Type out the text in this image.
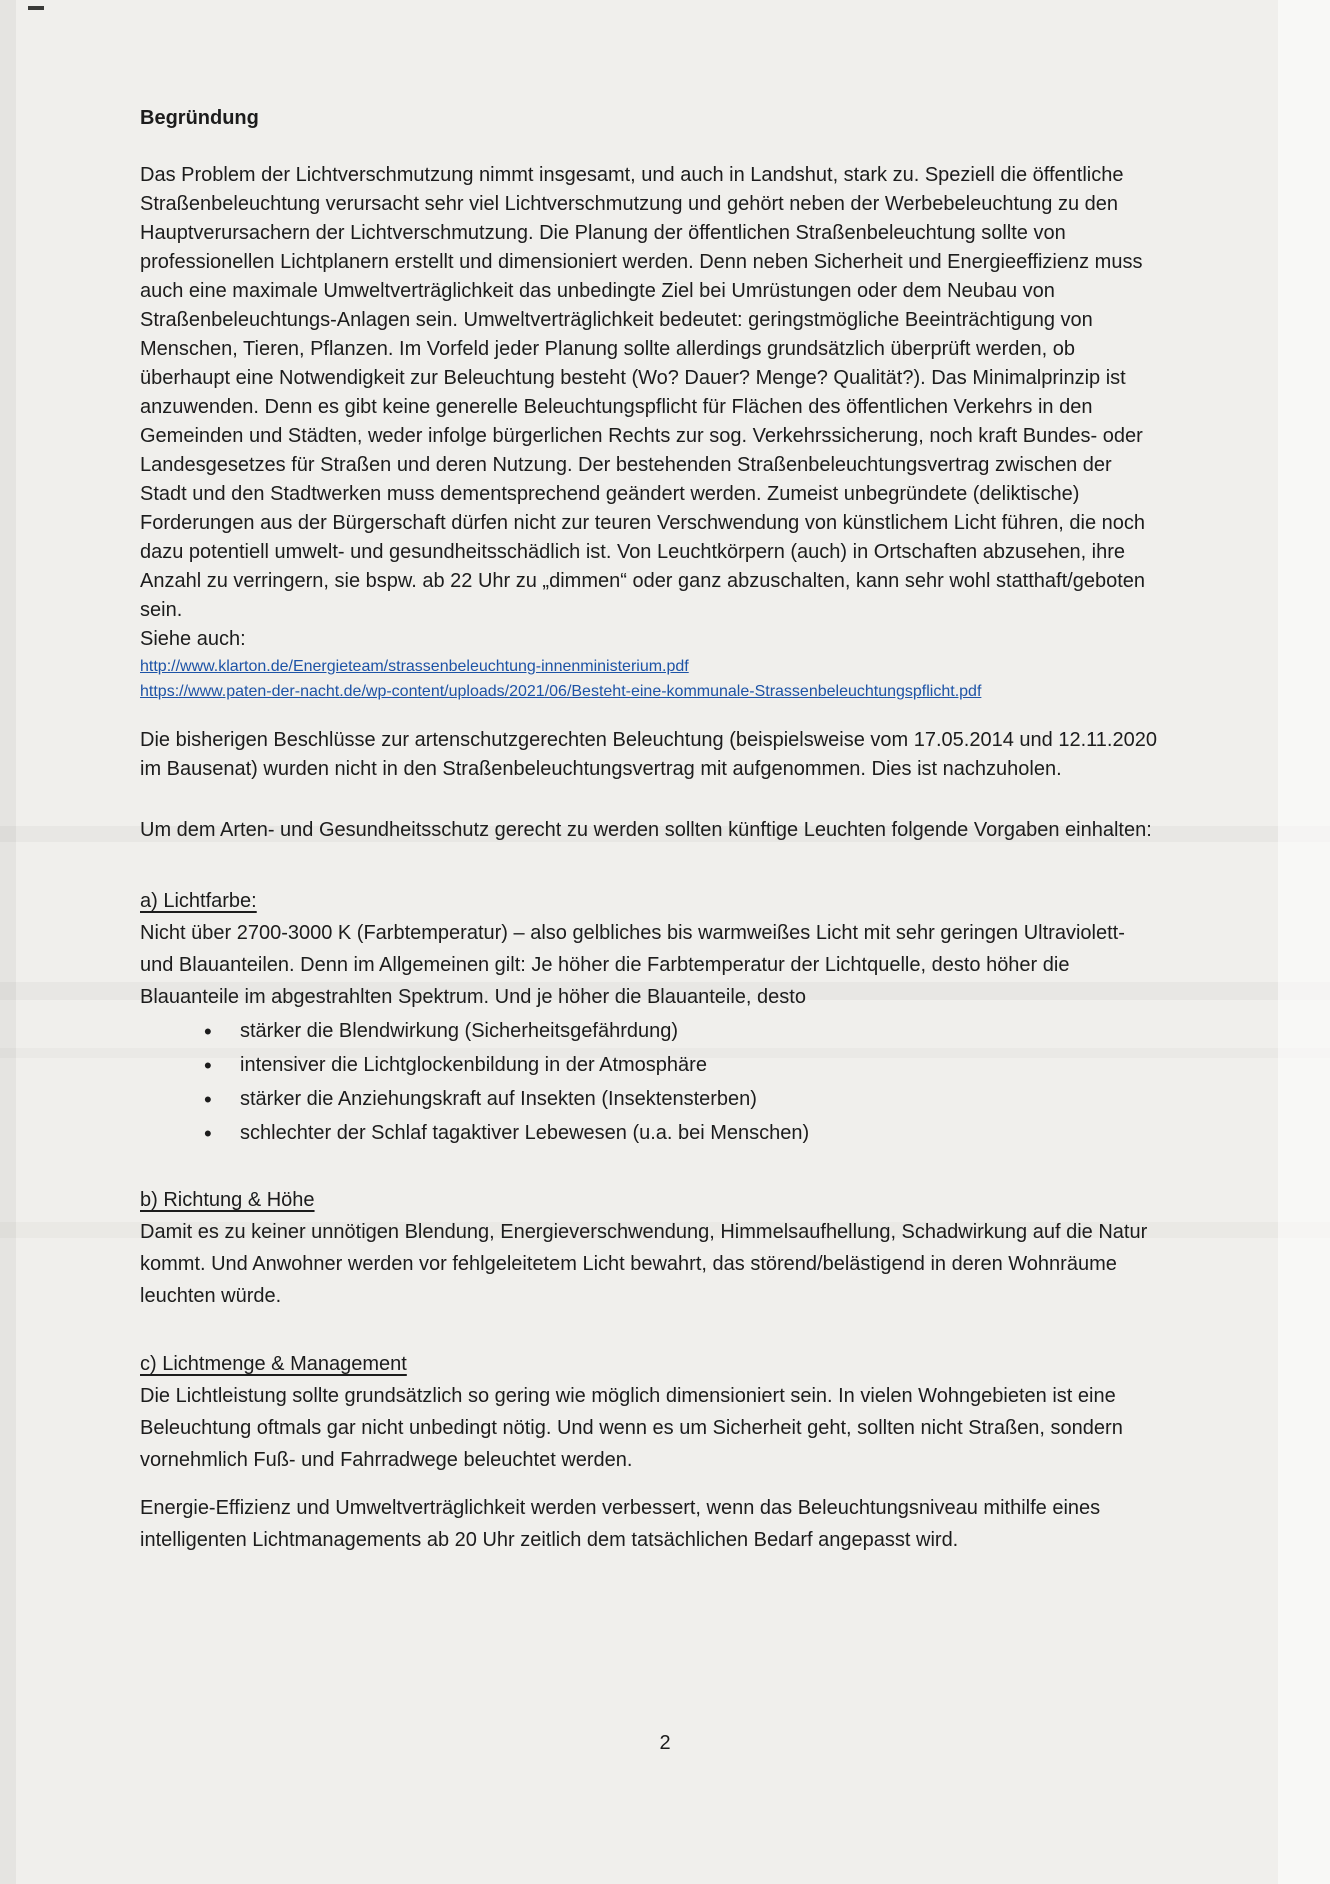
Begründung

Das Problem der Lichtverschmutzung nimmt insgesamt, und auch in Landshut, stark zu. Speziell die öffentliche Straßenbeleuchtung verursacht sehr viel Lichtverschmutzung und gehört neben der Werbebeleuchtung zu den Hauptverursachern der Lichtverschmutzung. Die Planung der öffentlichen Straßenbeleuchtung sollte von professionellen Lichtplanern erstellt und dimensioniert werden. Denn neben Sicherheit und Energieeffizienz muss auch eine maximale Umweltverträglichkeit das unbedingte Ziel bei Umrüstungen oder dem Neubau von Straßenbeleuchtungs-Anlagen sein. Umweltverträglichkeit bedeutet: geringstmögliche Beeinträchtigung von Menschen, Tieren, Pflanzen. Im Vorfeld jeder Planung sollte allerdings grundsätzlich überprüft werden, ob überhaupt eine Notwendigkeit zur Beleuchtung besteht (Wo? Dauer? Menge? Qualität?). Das Minimalprinzip ist anzuwenden. Denn es gibt keine generelle Beleuchtungspflicht für Flächen des öffentlichen Verkehrs in den Gemeinden und Städten, weder infolge bürgerlichen Rechts zur sog. Verkehrssicherung, noch kraft Bundes- oder Landesgesetzes für Straßen und deren Nutzung. Der bestehenden Straßenbeleuchtungsvertrag zwischen der Stadt und den Stadtwerken muss dementsprechend geändert werden. Zumeist unbegründete (deliktische) Forderungen aus der Bürgerschaft dürfen nicht zur teuren Verschwendung von künstlichem Licht führen, die noch dazu potentiell umwelt- und gesundheitsschädlich ist. Von Leuchtkörpern (auch) in Ortschaften abzusehen, ihre Anzahl zu verringern, sie bspw. ab 22 Uhr zu „dimmen“ oder ganz abzuschalten, kann sehr wohl statthaft/geboten sein.

Siehe auch:

http://www.klarton.de/Energieteam/strassenbeleuchtung-innenministerium.pdf
https://www.paten-der-nacht.de/wp-content/uploads/2021/06/Besteht-eine-kommunale-Strassenbeleuchtungspflicht.pdf

Die bisherigen Beschlüsse zur artenschutzgerechten Beleuchtung (beispielsweise vom 17.05.2014 und 12.11.2020 im Bausenat) wurden nicht in den Straßenbeleuchtungsvertrag mit aufgenommen. Dies ist nachzuholen.

Um dem Arten- und Gesundheitsschutz gerecht zu werden sollten künftige Leuchten folgende Vorgaben einhalten:

a) Lichtfarbe:

Nicht über 2700-3000 K (Farbtemperatur) – also gelbliches bis warmweißes Licht mit sehr geringen Ultraviolett- und Blauanteilen. Denn im Allgemeinen gilt: Je höher die Farbtemperatur der Lichtquelle, desto höher die Blauanteile im abgestrahlten Spektrum. Und je höher die Blauanteile, desto

• stärker die Blendwirkung (Sicherheitsgefährdung)
• intensiver die Lichtglockenbildung in der Atmosphäre
• stärker die Anziehungskraft auf Insekten (Insektensterben)
• schlechter der Schlaf tagaktiver Lebewesen (u.a. bei Menschen)

b) Richtung & Höhe

Damit es zu keiner unnötigen Blendung, Energieverschwendung, Himmelsaufhellung, Schadwirkung auf die Natur kommt. Und Anwohner werden vor fehlgeleitetem Licht bewahrt, das störend/belästigend in deren Wohnräume leuchten würde.

c) Lichtmenge & Management

Die Lichtleistung sollte grundsätzlich so gering wie möglich dimensioniert sein. In vielen Wohngebieten ist eine Beleuchtung oftmals gar nicht unbedingt nötig. Und wenn es um Sicherheit geht, sollten nicht Straßen, sondern vornehmlich Fuß- und Fahrradwege beleuchtet werden.

Energie-Effizienz und Umweltverträglichkeit werden verbessert, wenn das Beleuchtungsniveau mithilfe eines intelligenten Lichtmanagements ab 20 Uhr zeitlich dem tatsächlichen Bedarf angepasst wird.

2
